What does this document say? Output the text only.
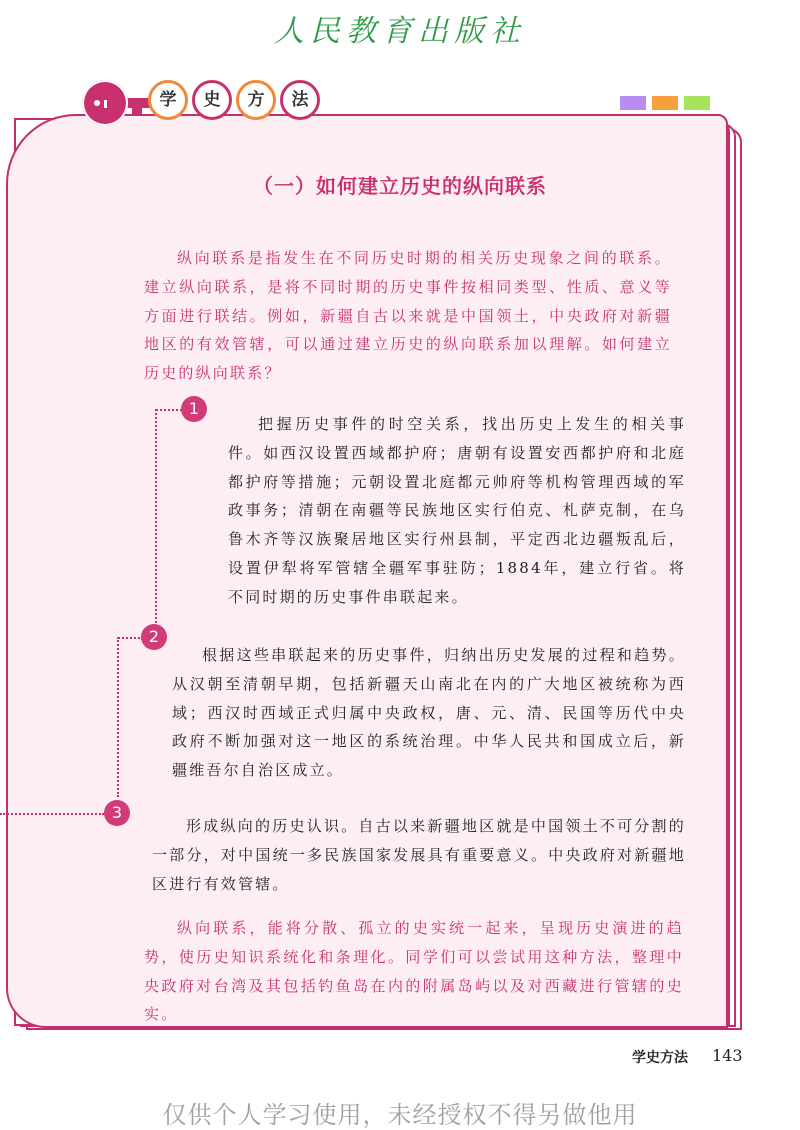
人民教育出版社
学	史	方	法
（一）如何建立历史的纵向联系

纵向联系是指发生在不同历史时期的相关历史现象之间的联系。建立纵向联系，是将不同时期的历史事件按相同类型、性质、意义等方面进行联结。例如，新疆自古以来就是中国领土，中央政府对新疆地区的有效管辖，可以通过建立历史的纵向联系加以理解。如何建立历史的纵向联系？

1
2
3

把握历史事件的时空关系，找出历史上发生的相关事件。如西汉设置西域都护府；唐朝有设置安西都护府和北庭都护府等措施；元朝设置北庭都元帅府等机构管理西域的军政事务；清朝在南疆等民族地区实行伯克、札萨克制，在乌鲁木齐等汉族聚居地区实行州县制，平定西北边疆叛乱后，设置伊犁将军管辖全疆军事驻防；1884年，建立行省。将不同时期的历史事件串联起来。

根据这些串联起来的历史事件，归纳出历史发展的过程和趋势。从汉朝至清朝早期，包括新疆天山南北在内的广大地区被统称为西域；西汉时西域正式归属中央政权，唐、元、清、民国等历代中央政府不断加强对这一地区的系统治理。中华人民共和国成立后，新疆维吾尔自治区成立。

形成纵向的历史认识。自古以来新疆地区就是中国领土不可分割的一部分，对中国统一多民族国家发展具有重要意义。中央政府对新疆地区进行有效管辖。

纵向联系，能将分散、孤立的史实统一起来，呈现历史演进的趋势，使历史知识系统化和条理化。同学们可以尝试用这种方法，整理中央政府对台湾及其包括钓鱼岛在内的附属岛屿以及对西藏进行管辖的史实。

学史方法 143
仅供个人学习使用，未经授权不得另做他用
